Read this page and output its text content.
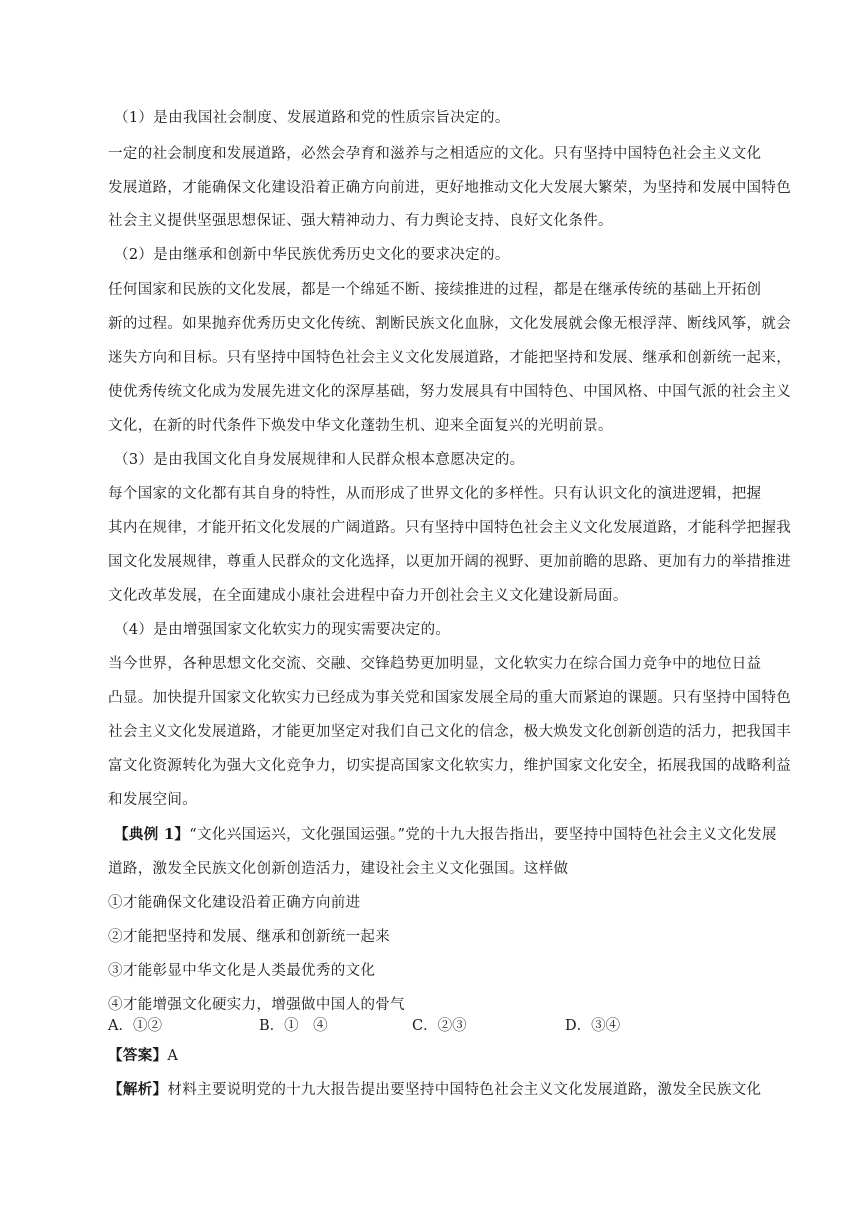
（1）是由我国社会制度、发展道路和党的性质宗旨决定的。
一定的社会制度和发展道路，必然会孕育和滋养与之相适应的文化。只有坚持中国特色社会主义文化
发展道路，才能确保文化建设沿着正确方向前进，更好地推动文化大发展大繁荣，为坚持和发展中国特色
社会主义提供坚强思想保证、强大精神动力、有力舆论支持、良好文化条件。
（2）是由继承和创新中华民族优秀历史文化的要求决定的。
任何国家和民族的文化发展，都是一个绵延不断、接续推进的过程，都是在继承传统的基础上开拓创
新的过程。如果抛弃优秀历史文化传统、割断民族文化血脉，文化发展就会像无根浮萍、断线风筝，就会
迷失方向和目标。只有坚持中国特色社会主义文化发展道路，才能把坚持和发展、继承和创新统一起来，
使优秀传统文化成为发展先进文化的深厚基础，努力发展具有中国特色、中国风格、中国气派的社会主义
文化，在新的时代条件下焕发中华文化蓬勃生机、迎来全面复兴的光明前景。
（3）是由我国文化自身发展规律和人民群众根本意愿决定的。
每个国家的文化都有其自身的特性，从而形成了世界文化的多样性。只有认识文化的演进逻辑，把握
其内在规律，才能开拓文化发展的广阔道路。只有坚持中国特色社会主义文化发展道路，才能科学把握我
国文化发展规律，尊重人民群众的文化选择，以更加开阔的视野、更加前瞻的思路、更加有力的举措推进
文化改革发展，在全面建成小康社会进程中奋力开创社会主义文化建设新局面。
（4）是由增强国家文化软实力的现实需要决定的。
当今世界，各种思想文化交流、交融、交锋趋势更加明显，文化软实力在综合国力竞争中的地位日益
凸显。加快提升国家文化软实力已经成为事关党和国家发展全局的重大而紧迫的课题。只有坚持中国特色
社会主义文化发展道路，才能更加坚定对我们自己文化的信念，极大焕发文化创新创造的活力，把我国丰
富文化资源转化为强大文化竞争力，切实提高国家文化软实力，维护国家文化安全，拓展我国的战略利益
和发展空间。
【典例 1】“文化兴国运兴，文化强国运强。”党的十九大报告指出，要坚持中国特色社会主义文化发展
道路，激发全民族文化创新创造活力，建设社会主义文化强国。这样做
①才能确保文化建设沿着正确方向前进
②才能把坚持和发展、继承和创新统一起来
③才能彰显中华文化是人类最优秀的文化
④才能增强文化硬实力，增强做中国人的骨气
A．①②	B．①　④	C．②③	D．③④
【答案】A
【解析】材料主要说明党的十九大报告提出要坚持中国特色社会主义文化发展道路，激发全民族文化
